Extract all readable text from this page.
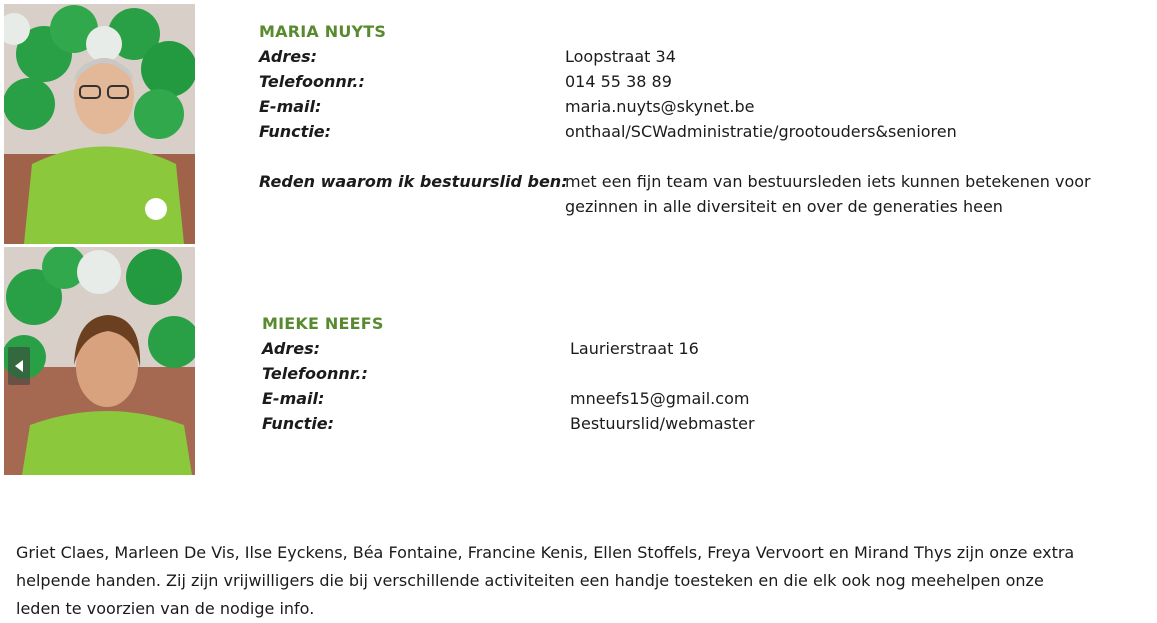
MARIA NUYTS
Adres:	Loopstraat 34
Telefoonnr.:	014 55 38 89
E-mail:	maria.nuyts@skynet.be
Functie:	onthaal/SCWadministratie/grootouders&senioren
Reden waarom ik bestuurslid ben:
met een fijn team van bestuursleden iets kunnen betekenen voor gezinnen in alle diversiteit en over de generaties heen
MIEKE NEEFS
Adres:	Laurierstraat 16
Telefoonnr.:
E-mail:	mneefs15@gmail.com
Functie:	Bestuurslid/webmaster

Griet Claes, Marleen De Vis, Ilse Eyckens, Béa Fontaine, Francine Kenis, Ellen Stoffels, Freya Vervoort en Mirand Thys zijn onze extra helpende handen. Zij zijn vrijwilligers die bij verschillende activiteiten een handje toesteken en die elk ook nog meehelpen onze leden te voorzien van de nodige info.
